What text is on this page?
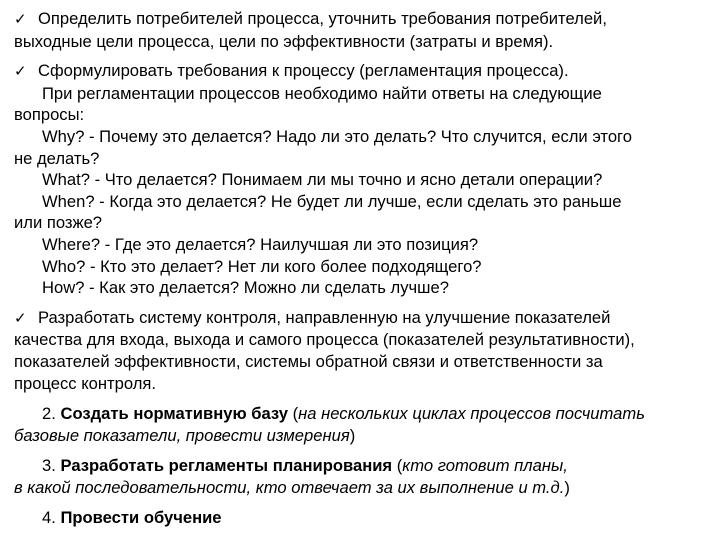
✓ Определить потребителей процесса, уточнить требования потребителей,
выходные цели процесса, цели по эффективности (затраты и время).

✓ Сформулировать требования к процессу (регламентация процесса).
При регламентации процессов необходимо найти ответы на следующие
вопросы:
Why? - Почему это делается? Надо ли это делать? Что случится, если этого
не делать?
What? - Что делается? Понимаем ли мы точно и ясно детали операции?
When? - Когда это делается? Не будет ли лучше, если сделать это раньше
или позже?
Where? - Где это делается? Наилучшая ли это позиция?
Who? - Кто это делает? Нет ли кого более подходящего?
How? - Как это делается? Можно ли сделать лучше?

✓ Разработать систему контроля, направленную на улучшение показателей
качества для входа, выхода и самого процесса (показателей результативности),
показателей эффективности, системы обратной связи и ответственности за
процесс контроля.

2. Создать нормативную базу (на нескольких циклах процессов посчитать
базовые показатели, провести измерения)

3. Разработать регламенты планирования (кто готовит планы,
в какой последовательности, кто отвечает за их выполнение и т.д.)

4. Провести обучение
